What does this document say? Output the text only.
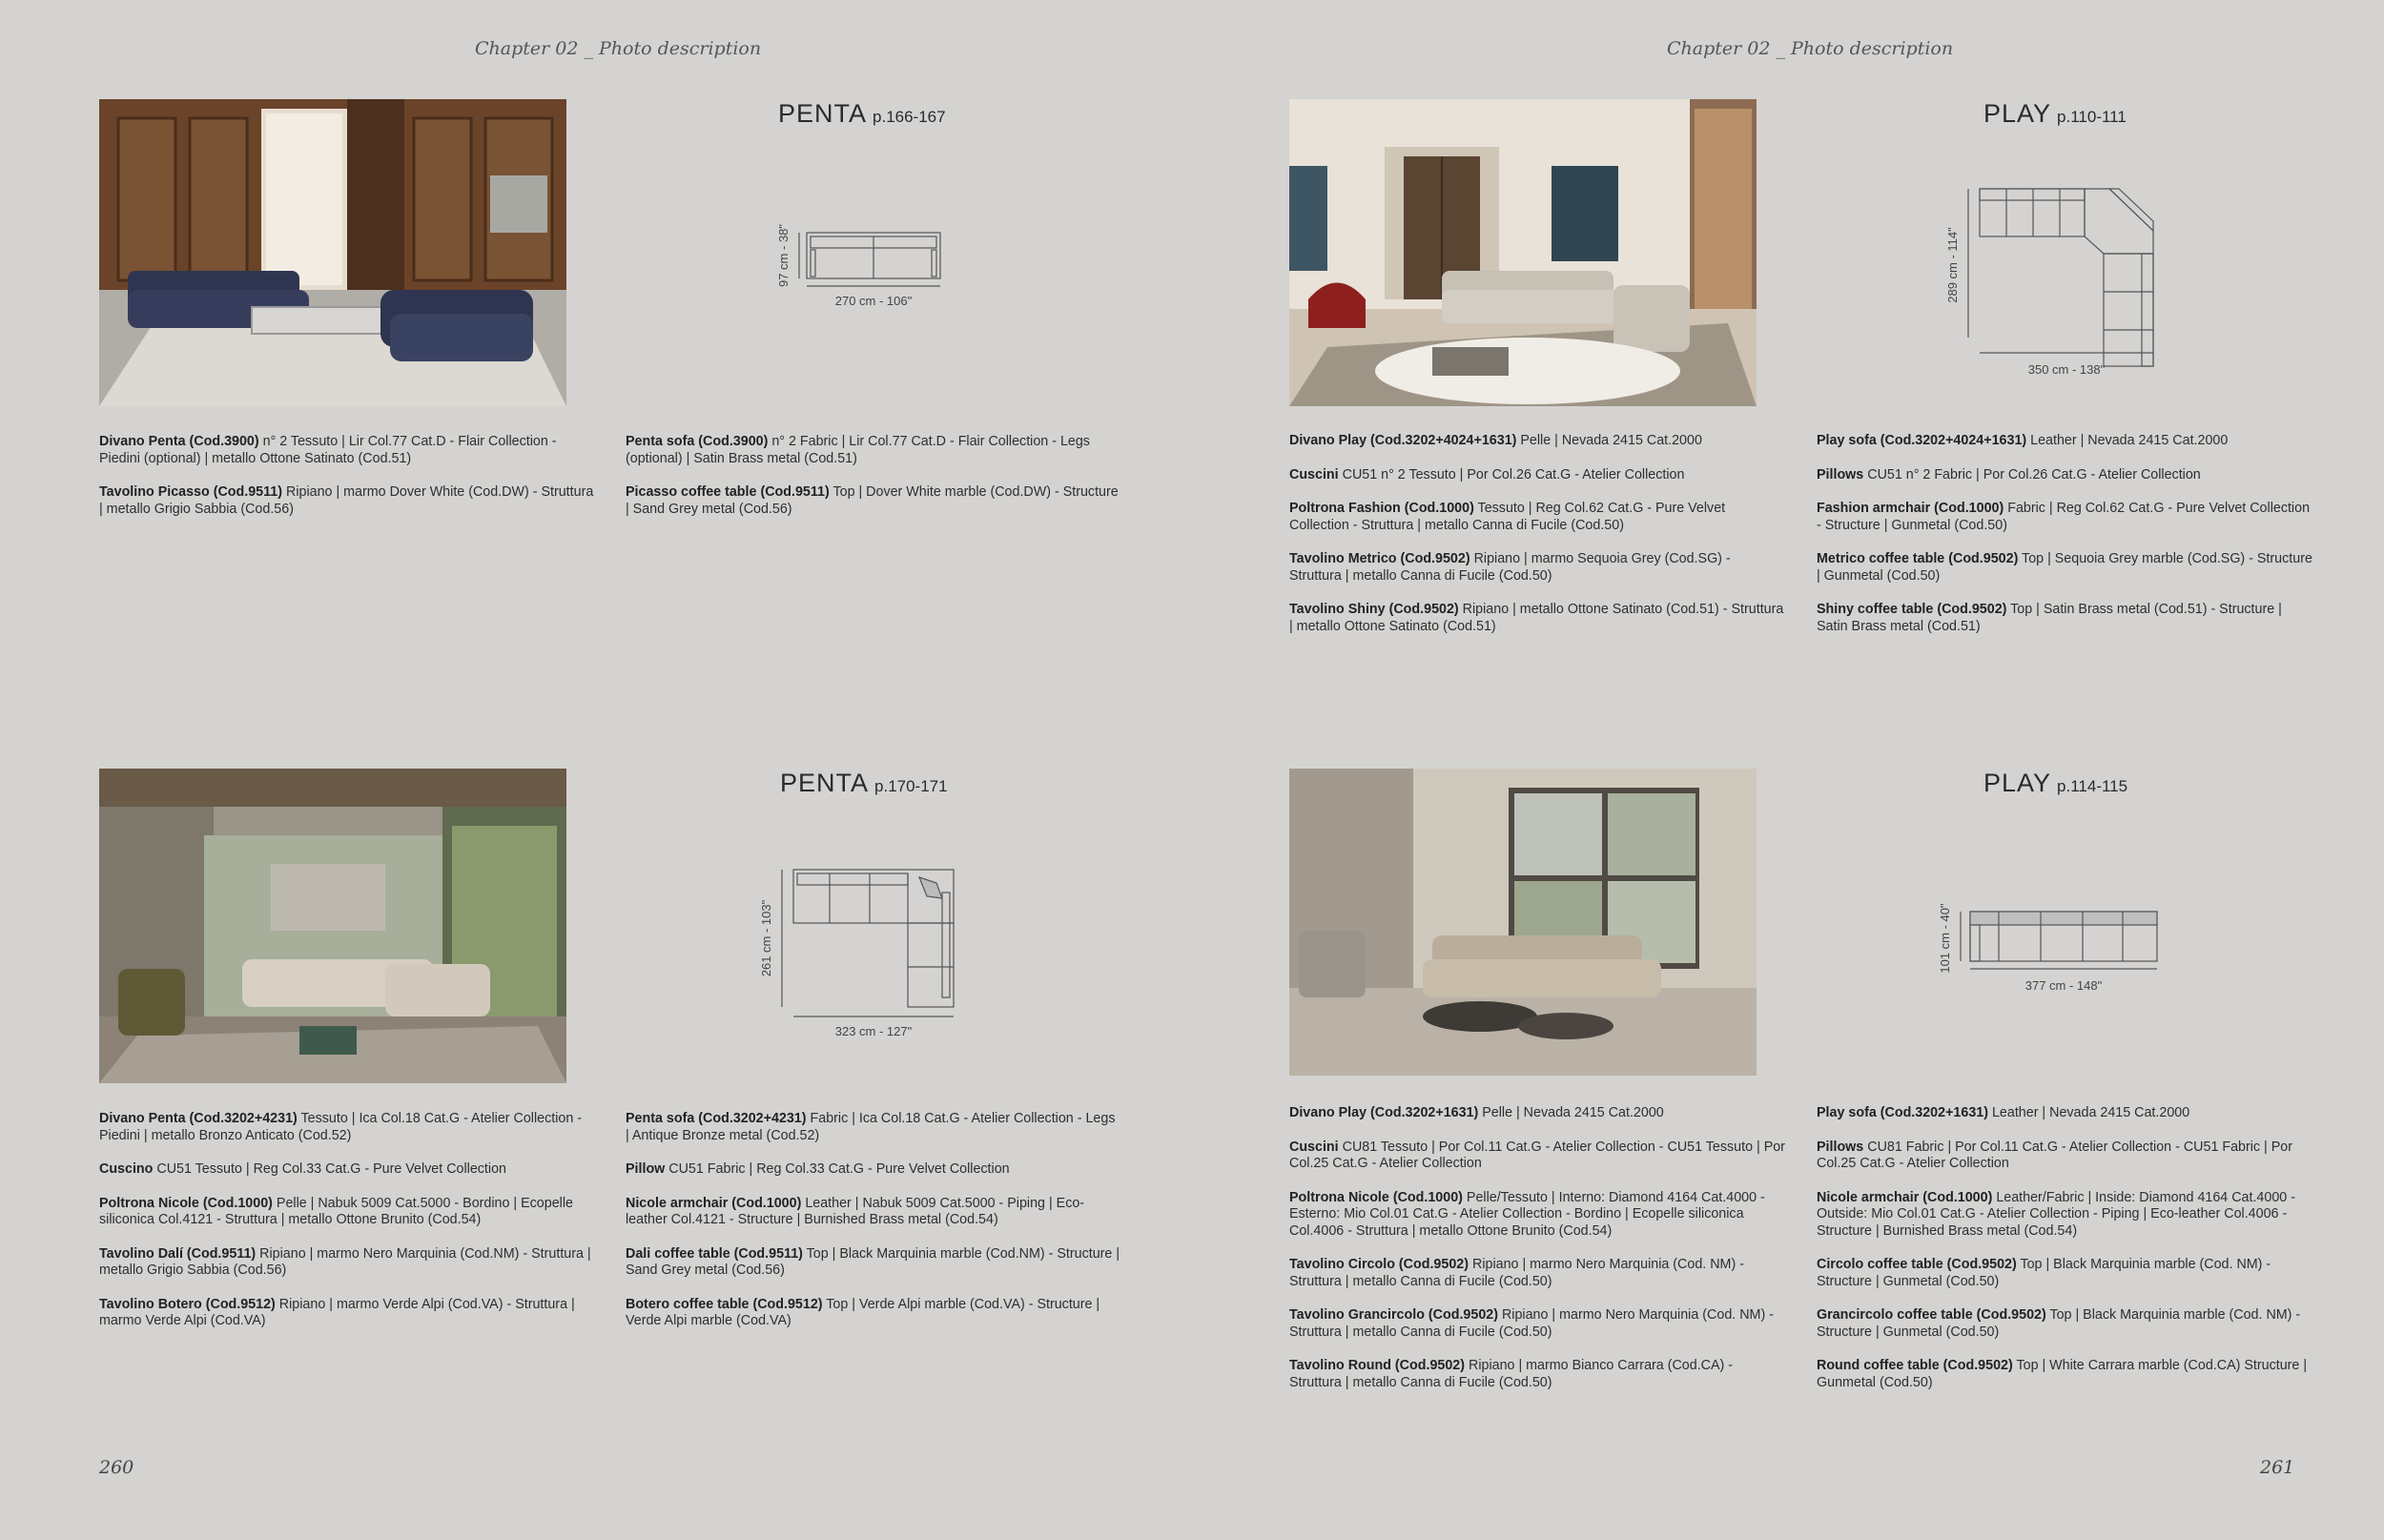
Chapter 02 _ Photo description	Chapter 02 _ Photo description
PENTA p.166-167
270 cm - 106"
97 cm - 38"

Divano Penta (Cod.3900) n° 2 Tessuto | Lir Col.77 Cat.D - Flair Collection - Piedini (optional) | metallo Ottone Satinato (Cod.51)

Tavolino Picasso (Cod.9511) Ripiano | marmo Dover White (Cod.DW) - Struttura | metallo Grigio Sabbia (Cod.56)

Penta sofa (Cod.3900) n° 2 Fabric | Lir Col.77 Cat.D - Flair Collection - Legs (optional) | Satin Brass metal (Cod.51)

Picasso coffee table (Cod.9511) Top | Dover White marble (Cod.DW) - Structure | Sand Grey metal (Cod.56)

PLAY p.110-111
350 cm - 138"
289 cm - 114"

Divano Play (Cod.3202+4024+1631) Pelle | Nevada 2415 Cat.2000

Cuscini CU51 n° 2 Tessuto | Por Col.26 Cat.G - Atelier Collection

Poltrona Fashion (Cod.1000) Tessuto | Reg Col.62 Cat.G - Pure Velvet Collection - Struttura | metallo Canna di Fucile (Cod.50)

Tavolino Metrico (Cod.9502) Ripiano | marmo Sequoia Grey (Cod.SG) - Struttura | metallo Canna di Fucile (Cod.50)

Tavolino Shiny (Cod.9502) Ripiano | metallo Ottone Satinato (Cod.51) - Struttura | metallo Ottone Satinato (Cod.51)

Play sofa (Cod.3202+4024+1631) Leather | Nevada 2415 Cat.2000

Pillows CU51 n° 2 Fabric | Por Col.26 Cat.G - Atelier Collection

Fashion armchair (Cod.1000) Fabric | Reg Col.62 Cat.G - Pure Velvet Collection - Structure | Gunmetal (Cod.50)

Metrico coffee table (Cod.9502) Top | Sequoia Grey marble (Cod.SG) - Structure | Gunmetal (Cod.50)

Shiny coffee table (Cod.9502) Top | Satin Brass metal (Cod.51) - Structure | Satin Brass metal (Cod.51)

PENTA p.170-171
323 cm - 127"
261 cm - 103"

Divano Penta (Cod.3202+4231) Tessuto | Ica Col.18 Cat.G - Atelier Collection - Piedini | metallo Bronzo Anticato (Cod.52)

Cuscino CU51 Tessuto | Reg Col.33 Cat.G - Pure Velvet Collection

Poltrona Nicole (Cod.1000) Pelle | Nabuk 5009 Cat.5000 - Bordino | Ecopelle siliconica Col.4121 - Struttura | metallo Ottone Brunito (Cod.54)

Tavolino Dalí (Cod.9511) Ripiano | marmo Nero Marquinia (Cod.NM) - Struttura | metallo Grigio Sabbia (Cod.56)

Tavolino Botero (Cod.9512) Ripiano | marmo Verde Alpi (Cod.VA) - Struttura | marmo Verde Alpi (Cod.VA)

Penta sofa (Cod.3202+4231) Fabric | Ica Col.18 Cat.G - Atelier Collection - Legs | Antique Bronze metal (Cod.52)

Pillow CU51 Fabric | Reg Col.33 Cat.G - Pure Velvet Collection

Nicole armchair (Cod.1000) Leather | Nabuk 5009 Cat.5000 - Piping | Eco-leather Col.4121 - Structure | Burnished Brass metal (Cod.54)

Dali coffee table (Cod.9511) Top | Black Marquinia marble (Cod.NM) - Structure | Sand Grey metal (Cod.56)

Botero coffee table (Cod.9512) Top | Verde Alpi marble (Cod.VA) - Structure | Verde Alpi marble (Cod.VA)

PLAY p.114-115
377 cm - 148"
101 cm - 40"

Divano Play (Cod.3202+1631) Pelle | Nevada 2415 Cat.2000

Cuscini CU81 Tessuto | Por Col.11 Cat.G - Atelier Collection - CU51 Tessuto | Por Col.25 Cat.G - Atelier Collection

Poltrona Nicole (Cod.1000) Pelle/Tessuto | Interno: Diamond 4164 Cat.4000 - Esterno: Mio Col.01 Cat.G - Atelier Collection - Bordino | Ecopelle siliconica Col.4006 - Struttura | metallo Ottone Brunito (Cod.54)

Tavolino Circolo (Cod.9502) Ripiano | marmo Nero Marquinia (Cod. NM) - Struttura | metallo Canna di Fucile (Cod.50)

Tavolino Grancircolo (Cod.9502) Ripiano | marmo Nero Marquinia (Cod. NM) - Struttura | metallo Canna di Fucile (Cod.50)

Tavolino Round (Cod.9502) Ripiano | marmo Bianco Carrara (Cod.CA) - Struttura | metallo Canna di Fucile (Cod.50)

Play sofa (Cod.3202+1631) Leather | Nevada 2415 Cat.2000

Pillows CU81 Fabric | Por Col.11 Cat.G - Atelier Collection - CU51 Fabric | Por Col.25 Cat.G - Atelier Collection

Nicole armchair (Cod.1000) Leather/Fabric | Inside: Diamond 4164 Cat.4000 - Outside: Mio Col.01 Cat.G - Atelier Collection - Piping | Eco-leather Col.4006 - Structure | Burnished Brass metal (Cod.54)

Circolo coffee table (Cod.9502) Top | Black Marquinia marble (Cod. NM) - Structure | Gunmetal (Cod.50)

Grancircolo coffee table (Cod.9502) Top | Black Marquinia marble (Cod. NM) - Structure | Gunmetal (Cod.50)

Round coffee table (Cod.9502) Top | White Carrara marble (Cod.CA) Structure | Gunmetal (Cod.50)

260	261
